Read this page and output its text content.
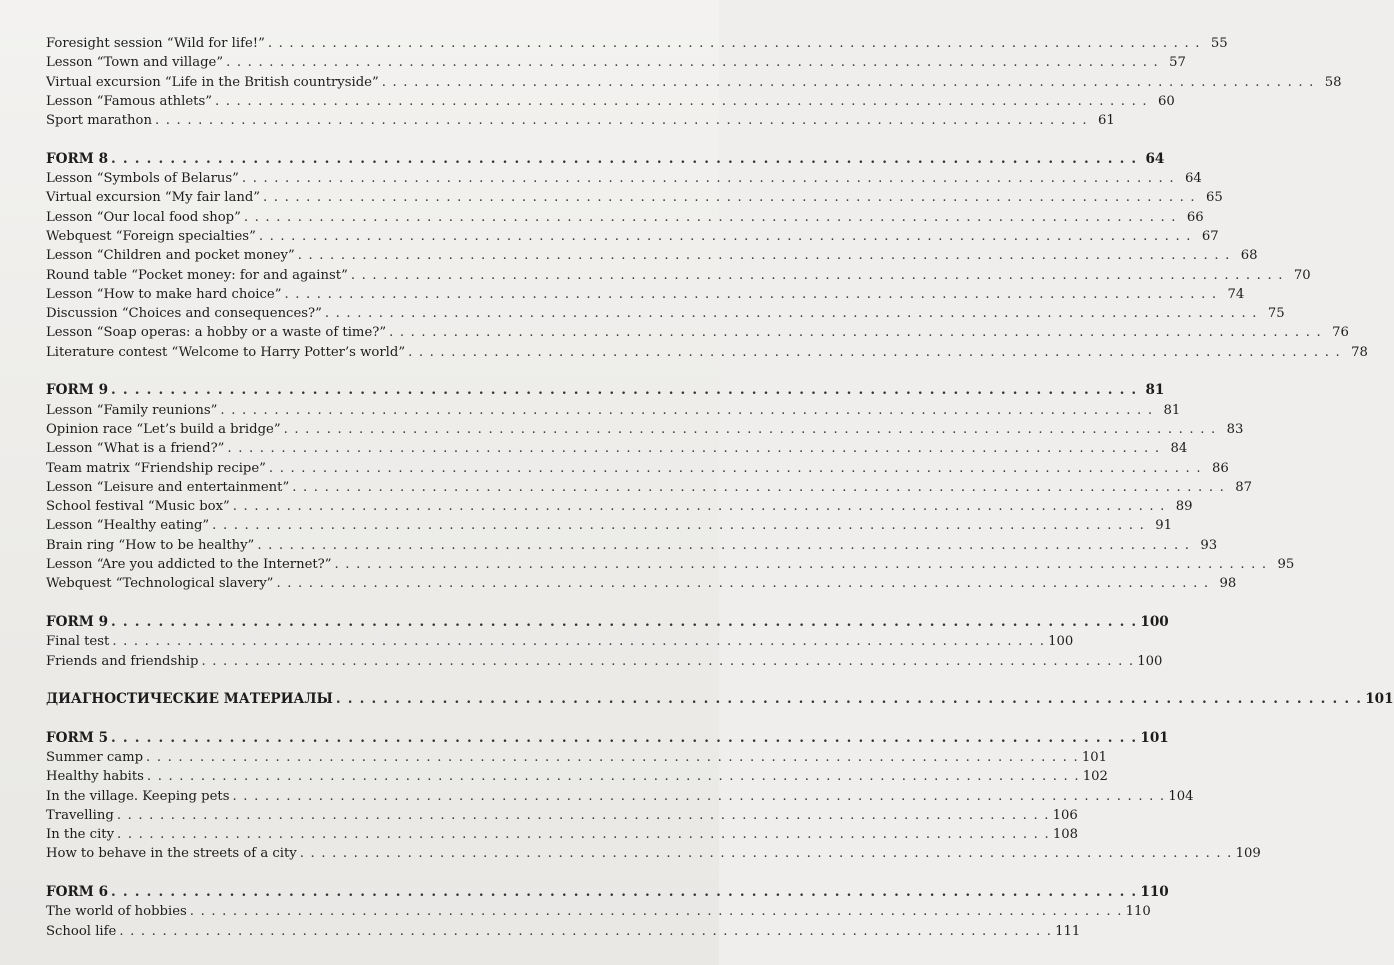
Foresight session “Wild for life!” . . . . . . . . . . . . . . . . . . . . . . . . . . . . . . . . . . . . . . . . . . . . . . . . . . . . . . . . . . . . . . . . . . . . . . . . . . . . . . . . . . . . . . . 55
Lesson “Town and village” . . . . . . . . . . . . . . . . . . . . . . . . . . . . . . . . . . . . . . . . . . . . . . . . . . . . . . . . . . . . . . . . . . . . . . . . . . . . . . . . . . . . . . . 57
Virtual excursion “Life in the British countryside” . . . . . . . . . . . . . . . . . . . . . . . . . . . . . . . . . . . . . . . . . . . . . . . . . . . . . . . . . . . . . . . . . . . . . . . . . . . . . . . . . . . . . . . 58
Lesson “Famous athlets” . . . . . . . . . . . . . . . . . . . . . . . . . . . . . . . . . . . . . . . . . . . . . . . . . . . . . . . . . . . . . . . . . . . . . . . . . . . . . . . . . . . . . . . 60
Sport marathon . . . . . . . . . . . . . . . . . . . . . . . . . . . . . . . . . . . . . . . . . . . . . . . . . . . . . . . . . . . . . . . . . . . . . . . . . . . . . . . . . . . . . . . 61
FORM 8 . . . . . . . . . . . . . . . . . . . . . . . . . . . . . . . . . . . . . . . . . . . . . . . . . . . . . . . . . . . . . . . . . . . . . . . . . . . . . . . . . . . . . . . 64
Lesson “Symbols of Belarus” . . . . . . . . . . . . . . . . . . . . . . . . . . . . . . . . . . . . . . . . . . . . . . . . . . . . . . . . . . . . . . . . . . . . . . . . . . . . . . . . . . . . . . . 64
Virtual excursion “My fair land” . . . . . . . . . . . . . . . . . . . . . . . . . . . . . . . . . . . . . . . . . . . . . . . . . . . . . . . . . . . . . . . . . . . . . . . . . . . . . . . . . . . . . . . 65
Lesson “Our local food shop” . . . . . . . . . . . . . . . . . . . . . . . . . . . . . . . . . . . . . . . . . . . . . . . . . . . . . . . . . . . . . . . . . . . . . . . . . . . . . . . . . . . . . . . 66
Webquest “Foreign specialties” . . . . . . . . . . . . . . . . . . . . . . . . . . . . . . . . . . . . . . . . . . . . . . . . . . . . . . . . . . . . . . . . . . . . . . . . . . . . . . . . . . . . . . . 67
Lesson “Children and pocket money” . . . . . . . . . . . . . . . . . . . . . . . . . . . . . . . . . . . . . . . . . . . . . . . . . . . . . . . . . . . . . . . . . . . . . . . . . . . . . . . . . . . . . . . 68
Round table “Pocket money: for and against” . . . . . . . . . . . . . . . . . . . . . . . . . . . . . . . . . . . . . . . . . . . . . . . . . . . . . . . . . . . . . . . . . . . . . . . . . . . . . . . . . . . . . . . 70
Lesson “How to make hard choice” . . . . . . . . . . . . . . . . . . . . . . . . . . . . . . . . . . . . . . . . . . . . . . . . . . . . . . . . . . . . . . . . . . . . . . . . . . . . . . . . . . . . . . . 74
Discussion “Choices and consequences?” . . . . . . . . . . . . . . . . . . . . . . . . . . . . . . . . . . . . . . . . . . . . . . . . . . . . . . . . . . . . . . . . . . . . . . . . . . . . . . . . . . . . . . . 75
Lesson “Soap operas: a hobby or a waste of time?” . . . . . . . . . . . . . . . . . . . . . . . . . . . . . . . . . . . . . . . . . . . . . . . . . . . . . . . . . . . . . . . . . . . . . . . . . . . . . . . . . . . . . . . 76
Literature contest “Welcome to Harry Potter’s world” . . . . . . . . . . . . . . . . . . . . . . . . . . . . . . . . . . . . . . . . . . . . . . . . . . . . . . . . . . . . . . . . . . . . . . . . . . . . . . . . . . . . . . . 78
FORM 9 . . . . . . . . . . . . . . . . . . . . . . . . . . . . . . . . . . . . . . . . . . . . . . . . . . . . . . . . . . . . . . . . . . . . . . . . . . . . . . . . . . . . . . . 81
Lesson “Family reunions” . . . . . . . . . . . . . . . . . . . . . . . . . . . . . . . . . . . . . . . . . . . . . . . . . . . . . . . . . . . . . . . . . . . . . . . . . . . . . . . . . . . . . . . 81
Opinion race “Let’s build a bridge” . . . . . . . . . . . . . . . . . . . . . . . . . . . . . . . . . . . . . . . . . . . . . . . . . . . . . . . . . . . . . . . . . . . . . . . . . . . . . . . . . . . . . . . 83
Lesson “What is a friend?” . . . . . . . . . . . . . . . . . . . . . . . . . . . . . . . . . . . . . . . . . . . . . . . . . . . . . . . . . . . . . . . . . . . . . . . . . . . . . . . . . . . . . . . 84
Team matrix “Friendship recipe” . . . . . . . . . . . . . . . . . . . . . . . . . . . . . . . . . . . . . . . . . . . . . . . . . . . . . . . . . . . . . . . . . . . . . . . . . . . . . . . . . . . . . . . 86
Lesson “Leisure and entertainment” . . . . . . . . . . . . . . . . . . . . . . . . . . . . . . . . . . . . . . . . . . . . . . . . . . . . . . . . . . . . . . . . . . . . . . . . . . . . . . . . . . . . . . . 87
School festival “Music box” . . . . . . . . . . . . . . . . . . . . . . . . . . . . . . . . . . . . . . . . . . . . . . . . . . . . . . . . . . . . . . . . . . . . . . . . . . . . . . . . . . . . . . . 89
Lesson “Healthy eating” . . . . . . . . . . . . . . . . . . . . . . . . . . . . . . . . . . . . . . . . . . . . . . . . . . . . . . . . . . . . . . . . . . . . . . . . . . . . . . . . . . . . . . . 91
Brain ring “How to be healthy” . . . . . . . . . . . . . . . . . . . . . . . . . . . . . . . . . . . . . . . . . . . . . . . . . . . . . . . . . . . . . . . . . . . . . . . . . . . . . . . . . . . . . . . 93
Lesson “Are you addicted to the Internet?” . . . . . . . . . . . . . . . . . . . . . . . . . . . . . . . . . . . . . . . . . . . . . . . . . . . . . . . . . . . . . . . . . . . . . . . . . . . . . . . . . . . . . . . 95
Webquest “Technological slavery” . . . . . . . . . . . . . . . . . . . . . . . . . . . . . . . . . . . . . . . . . . . . . . . . . . . . . . . . . . . . . . . . . . . . . . . . . . . . . . . . . . . . . . . 98
FORM 9 . . . . . . . . . . . . . . . . . . . . . . . . . . . . . . . . . . . . . . . . . . . . . . . . . . . . . . . . . . . . . . . . . . . . . . . . . . . . . . . . . . . . . . . 100
Final test . . . . . . . . . . . . . . . . . . . . . . . . . . . . . . . . . . . . . . . . . . . . . . . . . . . . . . . . . . . . . . . . . . . . . . . . . . . . . . . . . . . . . . . 100
Friends and friendship . . . . . . . . . . . . . . . . . . . . . . . . . . . . . . . . . . . . . . . . . . . . . . . . . . . . . . . . . . . . . . . . . . . . . . . . . . . . . . . . . . . . . . . 100
ДИАГНОСТИЧЕСКИЕ МАТЕРИАЛЫ . . . . . . . . . . . . . . . . . . . . . . . . . . . . . . . . . . . . . . . . . . . . . . . . . . . . . . . . . . . . . . . . . . . . . . . . . . . . . . . . . . . . . . . 101
FORM 5 . . . . . . . . . . . . . . . . . . . . . . . . . . . . . . . . . . . . . . . . . . . . . . . . . . . . . . . . . . . . . . . . . . . . . . . . . . . . . . . . . . . . . . . 101
Summer camp . . . . . . . . . . . . . . . . . . . . . . . . . . . . . . . . . . . . . . . . . . . . . . . . . . . . . . . . . . . . . . . . . . . . . . . . . . . . . . . . . . . . . . . 101
Healthy habits . . . . . . . . . . . . . . . . . . . . . . . . . . . . . . . . . . . . . . . . . . . . . . . . . . . . . . . . . . . . . . . . . . . . . . . . . . . . . . . . . . . . . . . 102
In the village. Keeping pets . . . . . . . . . . . . . . . . . . . . . . . . . . . . . . . . . . . . . . . . . . . . . . . . . . . . . . . . . . . . . . . . . . . . . . . . . . . . . . . . . . . . . . . 104
Travelling . . . . . . . . . . . . . . . . . . . . . . . . . . . . . . . . . . . . . . . . . . . . . . . . . . . . . . . . . . . . . . . . . . . . . . . . . . . . . . . . . . . . . . . 106
In the city . . . . . . . . . . . . . . . . . . . . . . . . . . . . . . . . . . . . . . . . . . . . . . . . . . . . . . . . . . . . . . . . . . . . . . . . . . . . . . . . . . . . . . . 108
How to behave in the streets of a city . . . . . . . . . . . . . . . . . . . . . . . . . . . . . . . . . . . . . . . . . . . . . . . . . . . . . . . . . . . . . . . . . . . . . . . . . . . . . . . . . . . . . . . 109
FORM 6 . . . . . . . . . . . . . . . . . . . . . . . . . . . . . . . . . . . . . . . . . . . . . . . . . . . . . . . . . . . . . . . . . . . . . . . . . . . . . . . . . . . . . . . 110
The world of hobbies . . . . . . . . . . . . . . . . . . . . . . . . . . . . . . . . . . . . . . . . . . . . . . . . . . . . . . . . . . . . . . . . . . . . . . . . . . . . . . . . . . . . . . . 110
School life . . . . . . . . . . . . . . . . . . . . . . . . . . . . . . . . . . . . . . . . . . . . . . . . . . . . . . . . . . . . . . . . . . . . . . . . . . . . . . . . . . . . . . . 111
